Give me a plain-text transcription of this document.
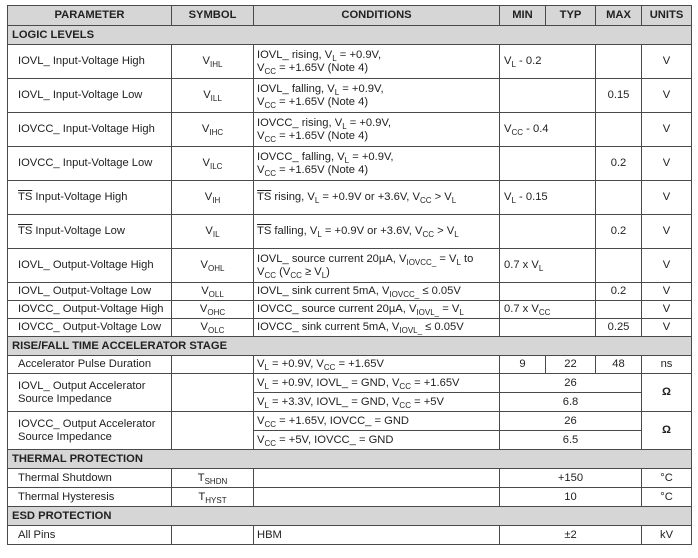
PARAMETER	SYMBOL	CONDITIONS	MIN	TYP	MAX	UNITS
LOGIC LEVELS						
IOVL_ Input-Voltage High	$V_{IHL}$	IOVL_ rising, $V_L = +0.9V$,
$V_{CC} = +1.65V$ (Note 4)	$V_L - 0.2$			V
IOVL_ Input-Voltage Low	$V_{ILL}$	IOVL_ falling, $V_L = +0.9V$,
$V_{CC} = +1.65V$ (Note 4)			0.15	V
IOVCC_ Input-Voltage High	$V_{IHC}$	IOVCC_ rising, $V_L = +0.9V$,
$V_{CC} = +1.65V$ (Note 4)	$V_{CC} - 0.4$			V
IOVCC_ Input-Voltage Low	$V_{ILC}$	IOVCC_ falling, $V_L = +0.9V$,
$V_{CC} = +1.65V$ (Note 4)			0.2	V
$\overline{TS}$ Input-Voltage High	$V_{IH}$	$\overline{TS}$ rising, $V_L = +0.9V$ or +3.6V, $V_{CC} > V_L$	$V_L - 0.15$			V
$\overline{TS}$ Input-Voltage Low	$V_{IL}$	$\overline{TS}$ falling, $V_L = +0.9V$ or +3.6V, $V_{CC} > V_L$			0.2	V
IOVL_ Output-Voltage High	$V_{OHL}$	IOVL_ source current 20µA, $V_{IOVCC\_} = V_L$ to
$V_{CC}$ $(V_{CC} \ge V_L)$	0.7 x $V_L$			V
IOVL_ Output-Voltage Low	$V_{OLL}$	IOVL_ sink current 5mA, $V_{IOVCC\_} \le 0.05V$			0.2	V
IOVCC_ Output-Voltage High	$V_{OHC}$	IOVCC_ source current 20µA, $V_{IOVL\_} = V_L$	0.7 x $V_{CC}$			V
IOVCC_ Output-Voltage Low	$V_{OLC}$	IOVCC_ sink current 5mA, $V_{IOVL\_} \le 0.05V$			0.25	V
RISE/FALL TIME ACCELERATOR STAGE						
Accelerator Pulse Duration		$V_L = +0.9V$, $V_{CC} = +1.65V$	9	22	48	ns
IOVL_ Output Accelerator
Source Impedance		$V_L = +0.9V$, IOVL_ = GND, $V_{CC} = +1.65V$	26			Ω
		$V_L = +3.3V$, IOVL_ = GND, $V_{CC} = +5V$	6.8			
IOVCC_ Output Accelerator
Source Impedance		$V_{CC} = +1.65V$, IOVCC_ = GND	26			Ω
		$V_{CC} = +5V$, IOVCC_ = GND	6.5			
THERMAL PROTECTION						
Thermal Shutdown	$T_{SHDN}$		+150			°C
Thermal Hysteresis	$T_{HYST}$		10			°C
ESD PROTECTION						
All Pins		HBM	±2			kV
